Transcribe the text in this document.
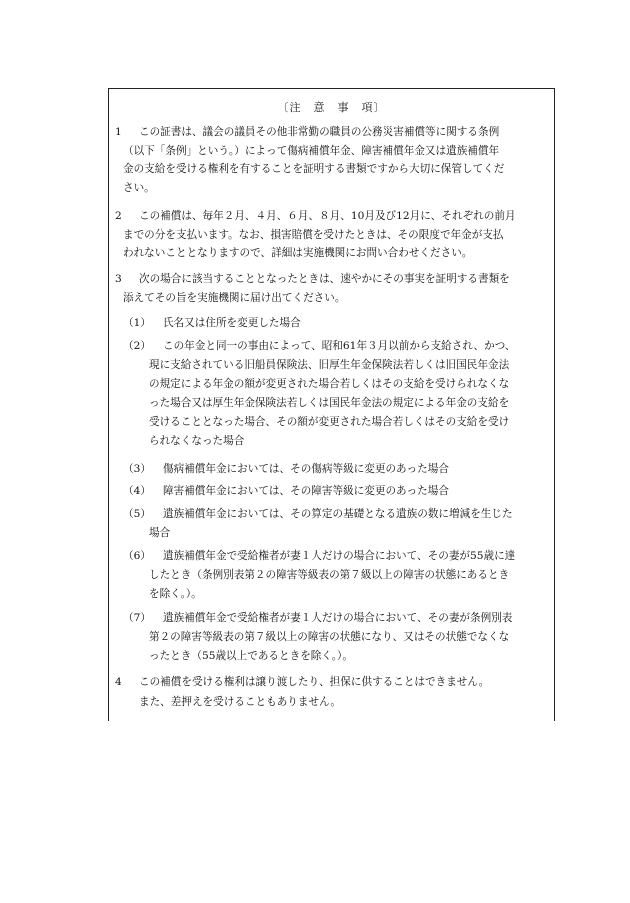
〔注　意　事　項〕
1 この証書は、議会の議員その他非常勤の職員の公務災害補償等に関する条例
（以下「条例」という。）によって傷病補償年金、障害補償年金又は遺族補償年
金の支給を受ける権利を有することを証明する書類ですから大切に保管してくだ
さい。
2 この補償は、毎年２月、４月、６月、８月、10月及び12月に、それぞれの前月
までの分を支払います。なお、損害賠償を受けたときは、その限度で年金が支払
われないこととなりますので、詳細は実施機関にお問い合わせください。
3 次の場合に該当することとなったときは、速やかにその事実を証明する書類を
添えてその旨を実施機関に届け出てください。
（1） 氏名又は住所を変更した場合
（2） この年金と同一の事由によって、昭和61年３月以前から支給され、かつ、
現に支給されている旧船員保険法、旧厚生年金保険法若しくは旧国民年金法
の規定による年金の額が変更された場合若しくはその支給を受けられなくな
った場合又は厚生年金保険法若しくは国民年金法の規定による年金の支給を
受けることとなった場合、その額が変更された場合若しくはその支給を受け
られなくなった場合
（3） 傷病補償年金においては、その傷病等級に変更のあった場合
（4） 障害補償年金においては、その障害等級に変更のあった場合
（5） 遺族補償年金においては、その算定の基礎となる遺族の数に増減を生じた
場合
（6） 遺族補償年金で受給権者が妻１人だけの場合において、その妻が55歳に達
したとき（条例別表第２の障害等級表の第７級以上の障害の状態にあるとき
を除く。）。
（7） 遺族補償年金で受給権者が妻１人だけの場合において、その妻が条例別表
第２の障害等級表の第７級以上の障害の状態になり、又はその状態でなくな
ったとき（55歳以上であるときを除く。）。
4 この補償を受ける権利は譲り渡したり、担保に供することはできません。
また、差押えを受けることもありません。
